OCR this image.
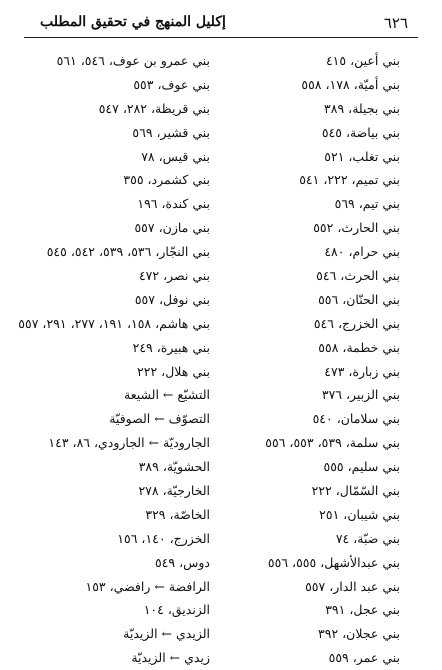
٦٢٦
إكليل المنهج في تحقيق المطلب
بني أعين، ٤١٥
بني أميّة، ١٧٨، ٥٥٨
بني بجيلة، ٣٨٩
بني بياضة، ٥٤٥
بني تغلب، ٥٢١
بني تميم، ٢٢٢، ٥٤١
بني تيم، ٥٦٩
بني الحارث، ٥٥٢
بني حرام، ٤٨٠
بني الحرث، ٥٤٦
بني الحنّان، ٥٥٦
بني الخزرج، ٥٤٦
بني خطمة، ٥٥٨
بني زبارة، ٤٧٣
بني الزبير، ٣٧٦
بني سلامان، ٥٤٠
بني سلمة، ٥٣٩، ٥٥٣، ٥٥٦
بني سليم، ٥٥٥
بني السّمّال، ٢٢٢
بني شيبان، ٢٥١
بني ضبّة، ٧٤
بني عبدالأشهل، ٥٥٥، ٥٥٦
بني عبد الدار، ٥٥٧
بني عجل، ٣٩١
بني عجلان، ٣٩٢
بني عمر، ٥٥٩
بني عمرو بن عوف، ٥٤٦، ٥٦١
بني عوف، ٥٥٣
بني قريظة، ٢٨٢، ٥٤٧
بني قشير، ٥٦٩
بني قيس، ٧٨
بني كشمرد، ٣٥٥
بني كندة، ١٩٦
بني مازن، ٥٥٧
بني النجّار، ٥٣٦، ٥٣٩، ٥٤٢، ٥٤٥
بني نصر، ٤٧٢
بني نوفل، ٥٥٧
بني هاشم، ١٥٨، ١٩١، ٢٧٧، ٢٩١، ٥٥٧
بني هبيرة، ٢٤٩
بني هلال، ٢٢٢
التشيّع ← الشيعة
التصوّف ← الصوفيّة
الجاروديّة ← الجارودي، ٨٦، ١٤٣
الحشويّة، ٣٨٩
الخارجيّة، ٢٧٨
الخاصّة، ٣٢٩
الخزرج، ١٤٠، ١٥٦
دوس، ٥٤٩
الرافضة ← رافضي، ١٥٣
الزنديق، ١٠٤
الزيدي ← الزيديّة
زيدي ← الزيديّة
